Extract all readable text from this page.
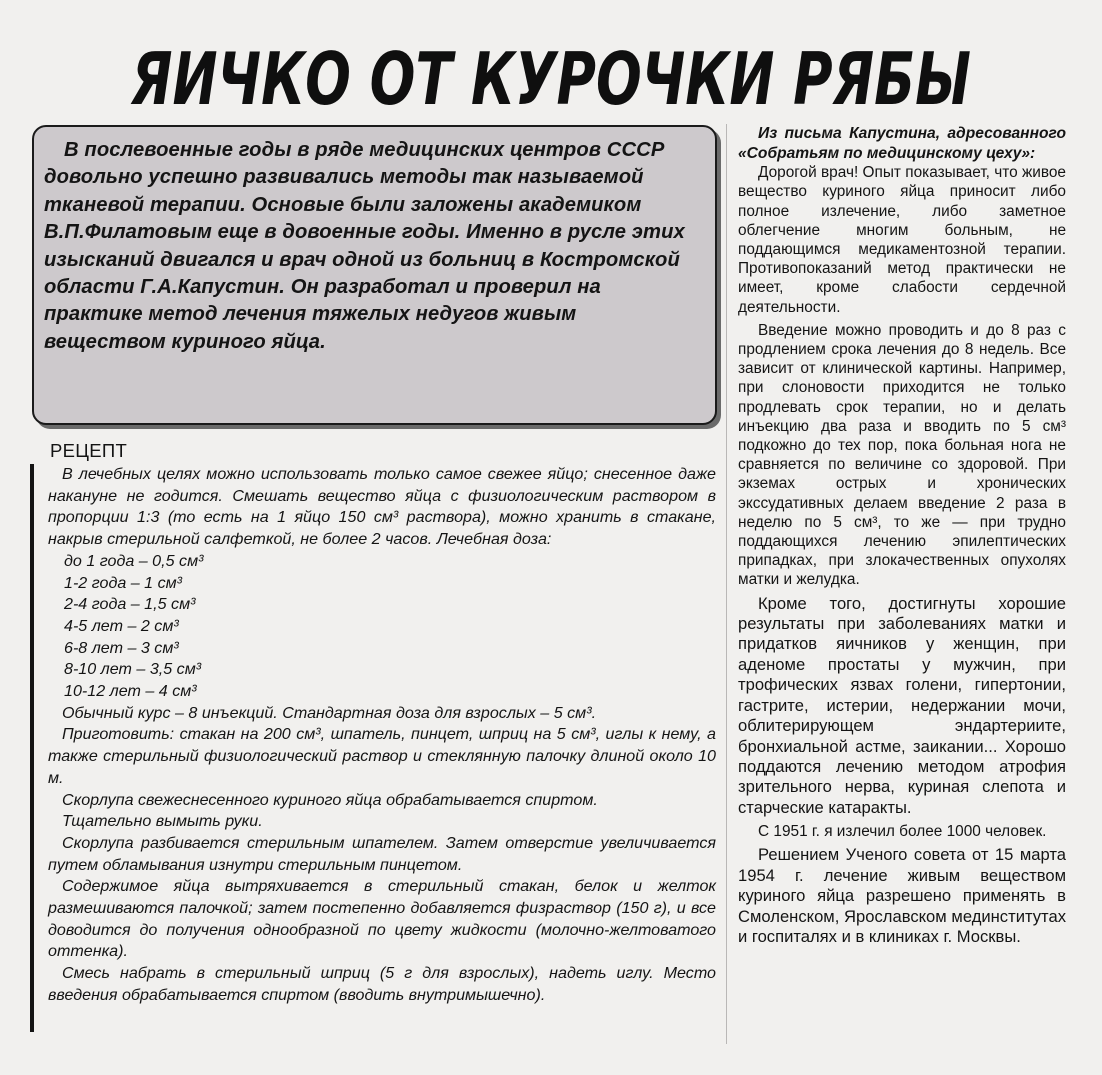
ЯИЧКО ОТ КУРОЧКИ РЯБЫ

В послевоенные годы в ряде медицинских центров СССР довольно успешно развивались методы так называемой тканевой терапии. Основые были заложены академиком В.П.Филатовым еще в довоенные годы. Именно в русле этих изысканий двигался и врач одной из больниц в Костромской области Г.А.Капустин. Он разработал и проверил на практике метод лечения тяжелых недугов живым веществом куриного яйца.

РЕЦЕПТ

В лечебных целях можно использовать только самое свежее яйцо; снесенное даже накануне не годится. Смешать вещество яйца с физиологическим раствором в пропорции 1:3 (то есть на 1 яйцо 150 см³ раствора), можно хранить в стакане, накрыв стерильной салфеткой, не более 2 часов. Лечебная доза:

до 1 года – 0,5 см³
1-2 года – 1 см³
2-4 года – 1,5 см³
4-5 лет – 2 см³
6-8 лет – 3 см³
8-10 лет – 3,5 см³
10-12 лет – 4 см³

Обычный курс – 8 инъекций. Стандартная доза для взрослых – 5 см³.

Приготовить: стакан на 200 см³, шпатель, пинцет, шприц на 5 см³, иглы к нему, а также стерильный физиологический раствор и стеклянную палочку длиной около 10 м.

Скорлупа свежеснесенного куриного яйца обрабатывается спиртом.

Тщательно вымыть руки.

Скорлупа разбивается стерильным шпателем. Затем отверстие увеличивается путем обламывания изнутри стерильным пинцетом.

Содержимое яйца вытряхивается в стерильный стакан, белок и желток размешиваются палочкой; затем постепенно добавляется физраствор (150 г), и все доводится до получения однообразной по цвету жидкости (молочно-желтоватого оттенка).

Смесь набрать в стерильный шприц (5 г для взрослых), надеть иглу. Место введения обрабатывается спиртом (вводить внутримышечно).

Из письма Капустина, адресованного «Собратьям по медицинскому цеху»:

Дорогой врач! Опыт показывает, что живое вещество куриного яйца приносит либо полное излечение, либо заметное облегчение многим больным, не поддающимся медикаментозной терапии. Противопоказаний метод практически не имеет, кроме слабости сердечной деятельности.

Введение можно проводить и до 8 раз с продлением срока лечения до 8 недель. Все зависит от клинической картины. Например, при слоновости приходится не только продлевать срок терапии, но и делать инъекцию два раза и вводить по 5 см³ подкожно до тех пор, пока больная нога не сравняется по величине со здоровой. При экземах острых и хронических экссудативных делаем введение 2 раза в неделю по 5 см³, то же — при трудно поддающихся лечению эпилептических припадках, при злокачественных опухолях матки и желудка.

Кроме того, достигнуты хорошие результаты при заболеваниях матки и придатков яичников у женщин, при аденоме простаты у мужчин, при трофических язвах голени, гипертонии, гастрите, истерии, недержании мочи, облитерирующем эндартериите, бронхиальной астме, заикании... Хорошо поддаются лечению методом атрофия зрительного нерва, куриная слепота и старческие катаракты.

С 1951 г. я излечил более 1000 человек.

Решением Ученого совета от 15 марта 1954 г. лечение живым веществом куриного яйца разрешено применять в Смоленском, Ярославском мединститутах и госпиталях и в клиниках г. Москвы.
